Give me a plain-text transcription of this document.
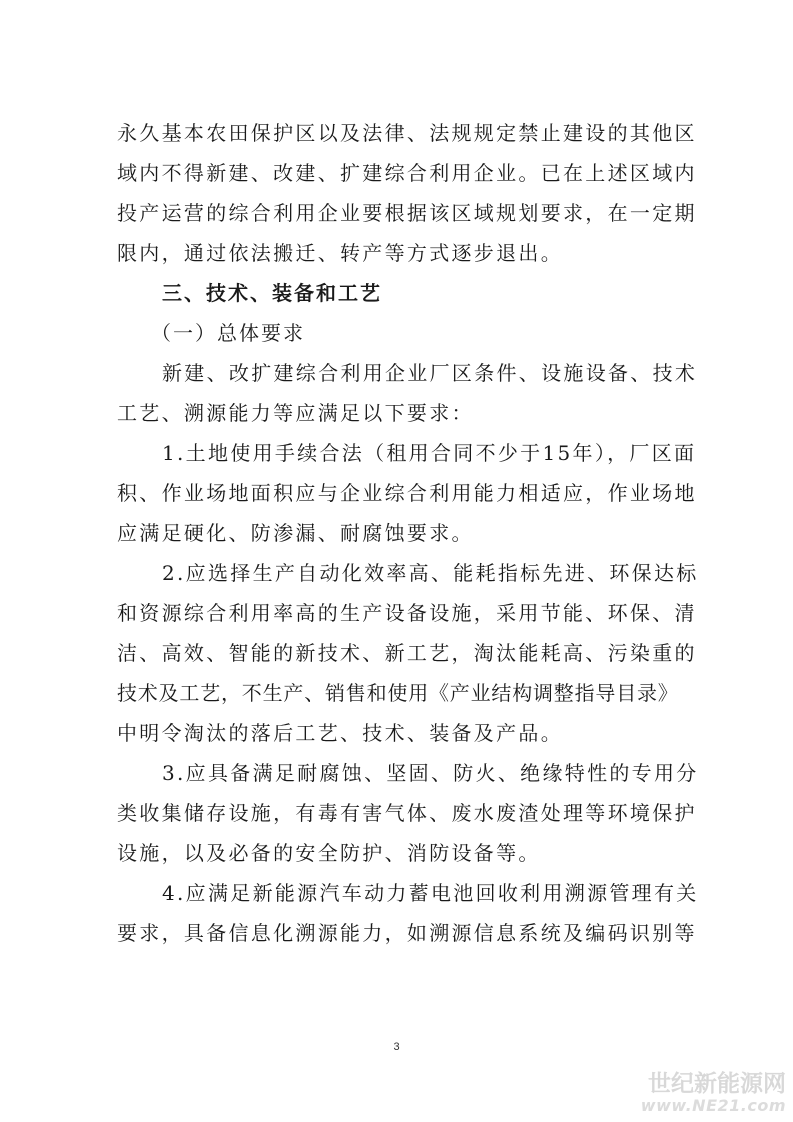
永久基本农田保护区以及法律、法规规定禁止建设的其他区
域内不得新建、改建、扩建综合利用企业。已在上述区域内
投产运营的综合利用企业要根据该区域规划要求，在一定期
限内，通过依法搬迁、转产等方式逐步退出。
三、技术、装备和工艺
（一）总体要求
新建、改扩建综合利用企业厂区条件、设施设备、技术
工艺、溯源能力等应满足以下要求：
1.土地使用手续合法（租用合同不少于15年），厂区面
积、作业场地面积应与企业综合利用能力相适应，作业场地
应满足硬化、防渗漏、耐腐蚀要求。
2.应选择生产自动化效率高、能耗指标先进、环保达标
和资源综合利用率高的生产设备设施，采用节能、环保、清
洁、高效、智能的新技术、新工艺，淘汰能耗高、污染重的
技术及工艺，不生产、销售和使用《产业结构调整指导目录》
中明令淘汰的落后工艺、技术、装备及产品。
3.应具备满足耐腐蚀、坚固、防火、绝缘特性的专用分
类收集储存设施，有毒有害气体、废水废渣处理等环境保护
设施，以及必备的安全防护、消防设备等。
4.应满足新能源汽车动力蓄电池回收利用溯源管理有关
要求，具备信息化溯源能力，如溯源信息系统及编码识别等
3
世纪新能源网
www.NE21.com
